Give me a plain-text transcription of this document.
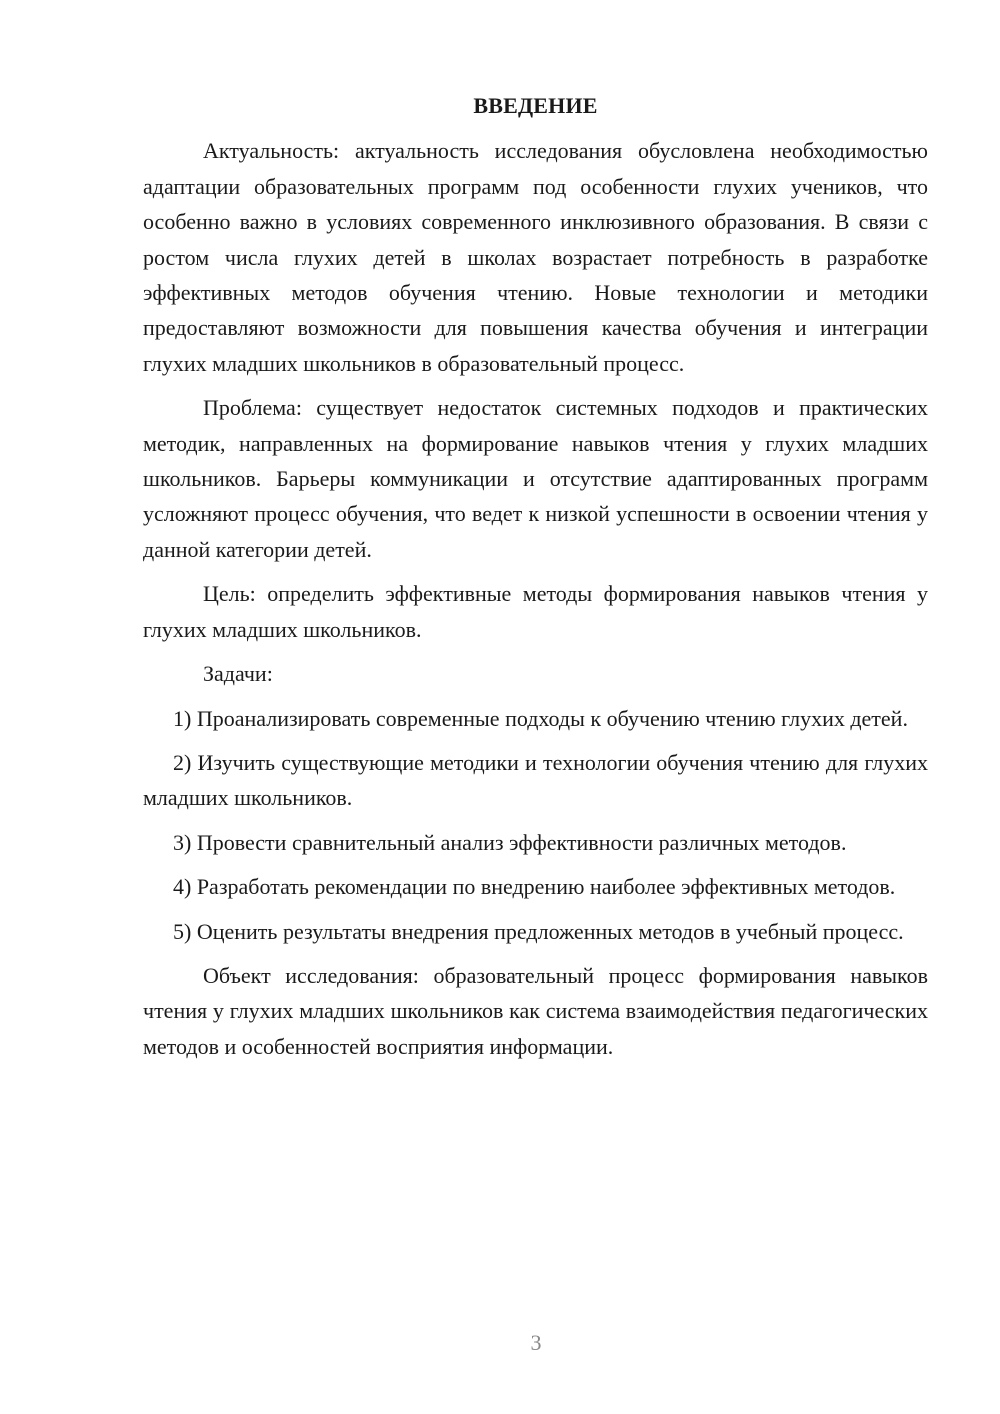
ВВЕДЕНИЕ

Актуальность: актуальность исследования обусловлена необходимостью адаптации образовательных программ под особенности глухих учеников, что особенно важно в условиях современного инклюзивного образования. В связи с ростом числа глухих детей в школах возрастает потребность в разработке эффективных методов обучения чтению. Новые технологии и методики предоставляют возможности для повышения качества обучения и интеграции глухих младших школьников в образовательный процесс.

Проблема: существует недостаток системных подходов и практических методик, направленных на формирование навыков чтения у глухих младших школьников. Барьеры коммуникации и отсутствие адаптированных программ усложняют процесс обучения, что ведет к низкой успешности в освоении чтения у данной категории детей.

Цель: определить эффективные методы формирования навыков чтения у глухих младших школьников.

Задачи:

1) Проанализировать современные подходы к обучению чтению глухих детей.

2) Изучить существующие методики и технологии обучения чтению для глухих младших школьников.

3) Провести сравнительный анализ эффективности различных методов.

4) Разработать рекомендации по внедрению наиболее эффективных методов.

5) Оценить результаты внедрения предложенных методов в учебный процесс.

Объект исследования: образовательный процесс формирования навыков чтения у глухих младших школьников как система взаимодействия педагогических методов и особенностей восприятия информации.

3
